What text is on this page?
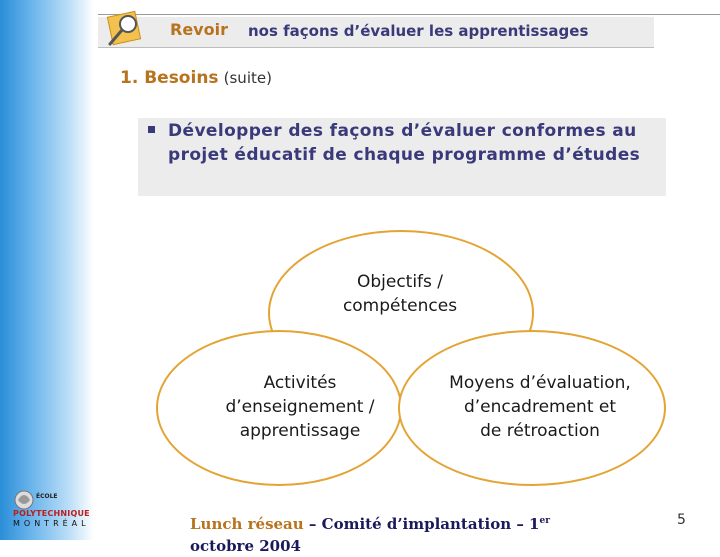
Revoir nos façons d’évaluer les apprentissages
1. Besoins (suite)
Développer des façons d’évaluer conformes au projet éducatif de chaque programme d’études
Objectifs /
compétences
Activités
d’enseignement /
apprentissage
Moyens d’évaluation,
d’encadrement et
de rétroaction
ÉCOLE
POLYTECHNIQUE
MONTRÉAL	Lunch réseau – Comité d’implantation – 1er octobre 2004
5
